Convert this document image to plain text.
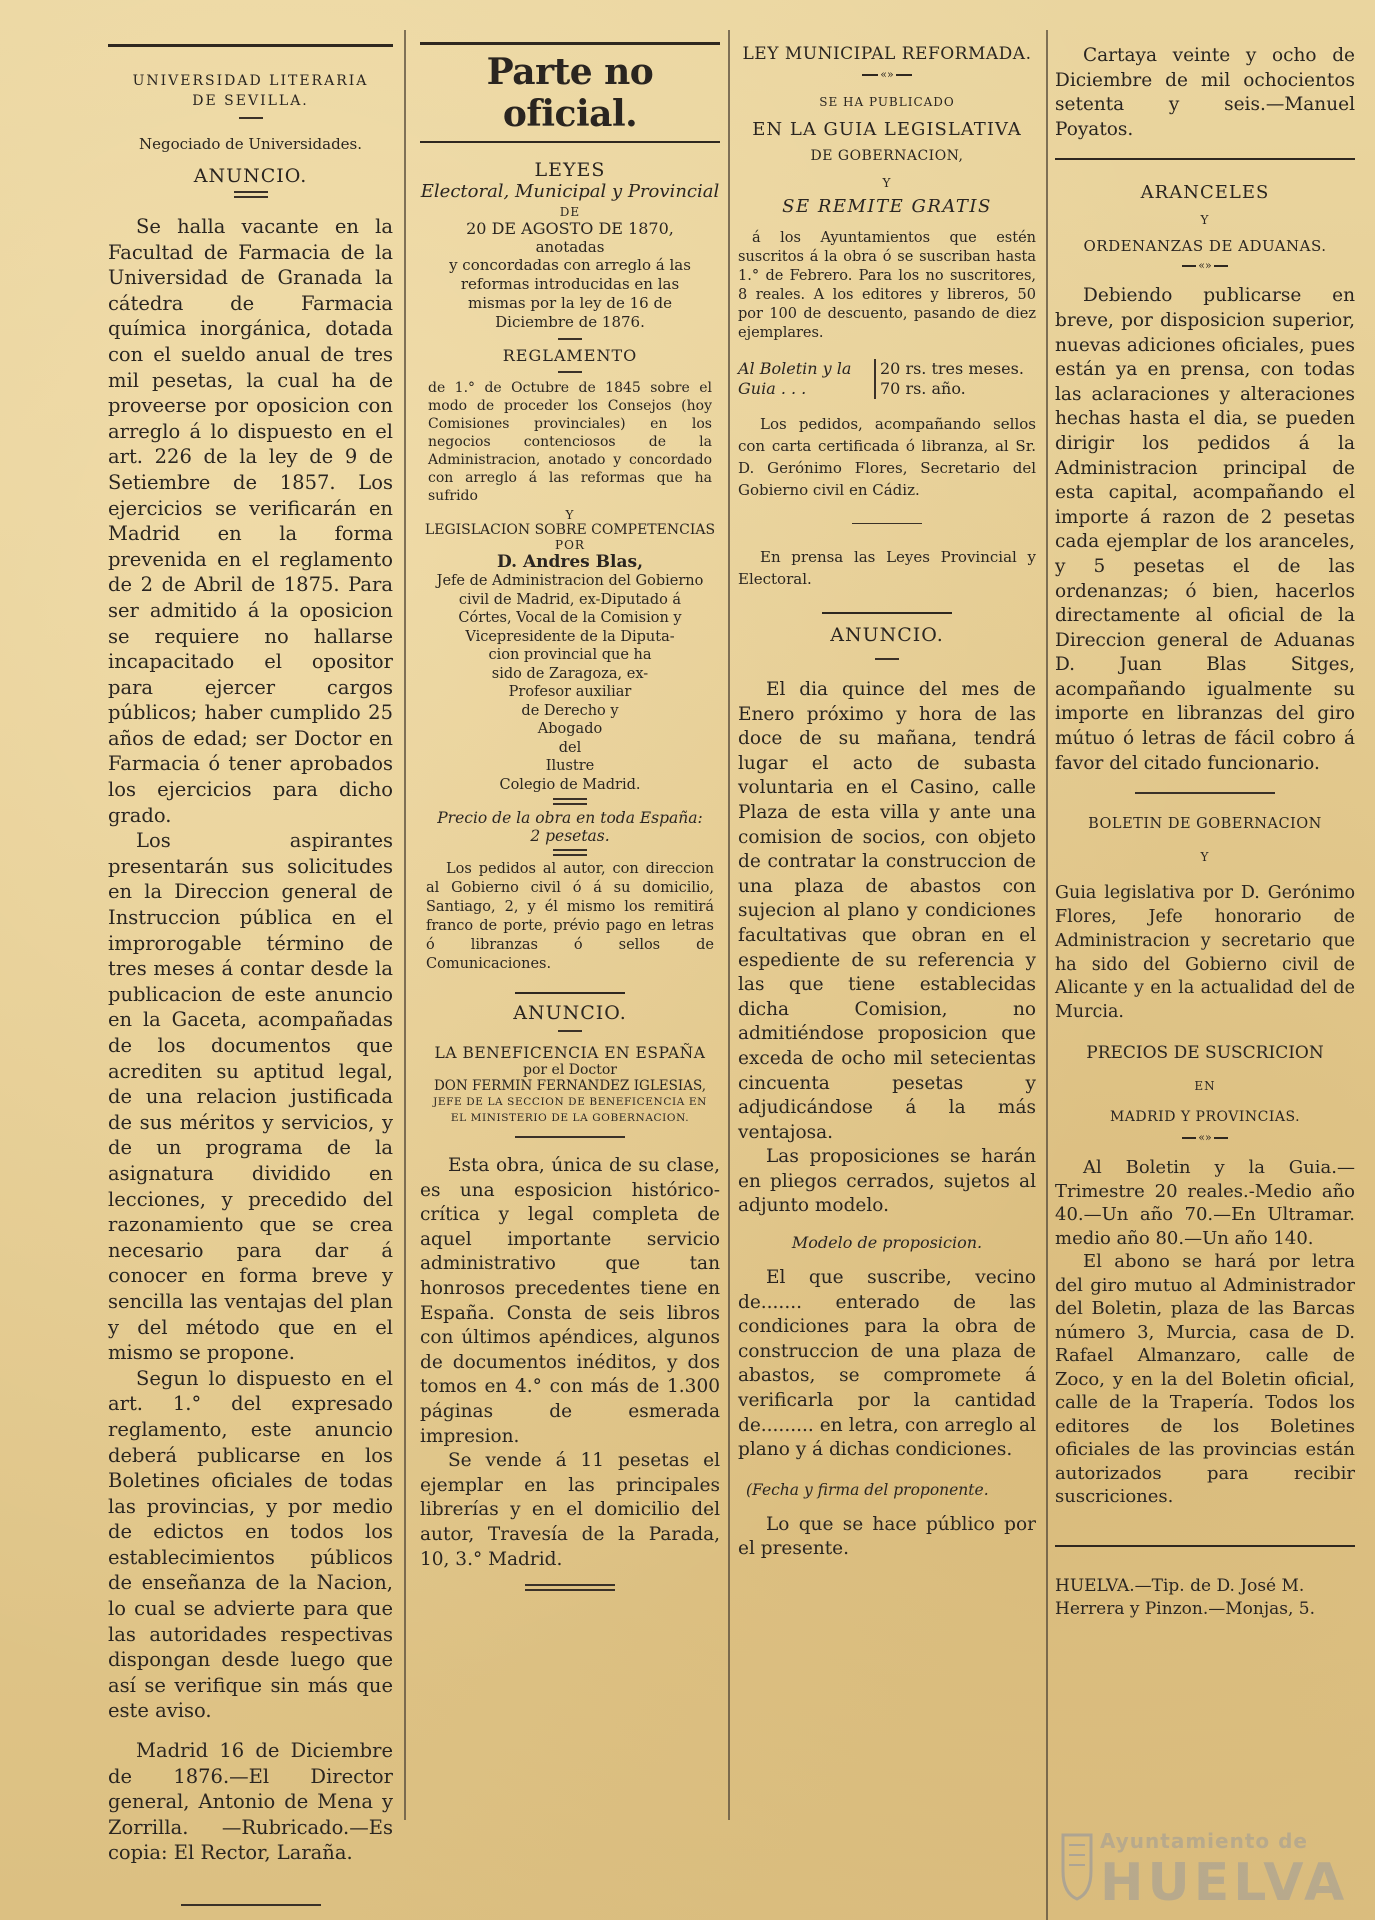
UNIVERSIDAD LITERARIA DE SEVILLA.
Negociado de Universidades.
ANUNCIO.

Se halla vacante en la Facultad de Farmacia de la Universidad de Granada la cátedra de Farmacia química inorgánica, dotada con el sueldo anual de tres mil pesetas, la cual ha de proveerse por oposicion con arreglo á lo dispuesto en el art. 226 de la ley de 9 de Setiembre de 1857. Los ejercicios se verificarán en Madrid en la forma prevenida en el reglamento de 2 de Abril de 1875. Para ser admitido á la oposicion se requiere no hallarse incapacitado el opositor para ejercer cargos públicos; haber cumplido 25 años de edad; ser Doctor en Farmacia ó tener aprobados los ejercicios para dicho grado.

Los aspirantes presentarán sus solicitudes en la Direccion general de Instruccion pública en el improrogable término de tres meses á contar desde la publicacion de este anuncio en la Gaceta, acompañadas de los documentos que acrediten su aptitud legal, de una relacion justificada de sus méritos y servicios, y de un programa de la asignatura dividido en lecciones, y precedido del razonamiento que se crea necesario para dar á conocer en forma breve y sencilla las ventajas del plan y del método que en el mismo se propone.

Segun lo dispuesto en el art. 1.° del expresado reglamento, este anuncio deberá publicarse en los Boletines oficiales de todas las provincias, y por medio de edictos en todos los establecimientos públicos de enseñanza de la Nacion, lo cual se advierte para que las autoridades respectivas dispongan desde luego que así se verifique sin más que este aviso.

Madrid 16 de Diciembre de 1876.—El Director general, Antonio de Mena y Zorrilla. —Rubricado.—Es copia: El Rector, Laraña.

Parte no oficial.
LEYES
Electoral, Municipal y Provincial
DE
20 DE AGOSTO DE 1870,
anotadas
y concordadas con arreglo á las reformas introducidas en las mismas por la ley de 16 de Diciembre de 1876.
REGLAMENTO

de 1.° de Octubre de 1845 sobre el modo de proceder los Consejos (hoy Comisiones provinciales) en los negocios contenciosos de la Administracion, anotado y concordado con arreglo á las reformas que ha sufrido

Y
LEGISLACION SOBRE COMPETENCIAS
POR
D. Andres Blas,
Jefe de Administracion del Gobierno
civil de Madrid, ex-Diputado á
Córtes, Vocal de la Comision y
Vicepresidente de la Diputa-
cion provincial que ha
sido de Zaragoza, ex-
Profesor auxiliar
de Derecho y
Abogado
del
Ilustre
Colegio de Madrid.
Precio de la obra en toda España:
2 pesetas.

Los pedidos al autor, con direccion al Gobierno civil ó á su domicilio, Santiago, 2, y él mismo los remitirá franco de porte, prévio pago en letras ó libranzas ó sellos de Comunicaciones.

ANUNCIO.
LA BENEFICENCIA EN ESPAÑA
por el Doctor
DON FERMIN FERNANDEZ IGLESIAS,
JEFE DE LA SECCION DE BENEFICENCIA EN EL MINISTERIO DE LA GOBERNACION.

Esta obra, única de su clase, es una esposicion histórico-crítica y legal completa de aquel importante servicio administrativo que tan honrosos precedentes tiene en España. Consta de seis libros con últimos apéndices, algunos de documentos inéditos, y dos tomos en 4.° con más de 1.300 páginas de esmerada impresion.

Se vende á 11 pesetas el ejemplar en las principales librerías y en el domicilio del autor, Travesía de la Parada, 10, 3.° Madrid.

LEY MUNICIPAL REFORMADA.
«»
SE HA PUBLICADO
EN LA GUIA LEGISLATIVA
DE GOBERNACION,
Y
SE REMITE GRATIS

á los Ayuntamientos que estén suscritos á la obra ó se suscriban hasta 1.° de Febrero. Para los no suscritores, 8 reales. A los editores y libreros, 50 por 100 de descuento, pasando de diez ejemplares.

Al Boletin y la Guia . . .
20 rs. tres meses.
70 rs. año.

Los pedidos, acompañando sellos con carta certificada ó libranza, al Sr. D. Gerónimo Flores, Secretario del Gobierno civil en Cádiz.

En prensa las Leyes Provincial y Electoral.

ANUNCIO.

El dia quince del mes de Enero próximo y hora de las doce de su mañana, tendrá lugar el acto de subasta voluntaria en el Casino, calle Plaza de esta villa y ante una comision de socios, con objeto de contratar la construccion de una plaza de abastos con sujecion al plano y condiciones facultativas que obran en el espediente de su referencia y las que tiene establecidas dicha Comision, no admitiéndose proposicion que exceda de ocho mil setecientas cincuenta pesetas y adjudicándose á la más ventajosa.

Las proposiciones se harán en pliegos cerrados, sujetos al adjunto modelo.

Modelo de proposicion.

El que suscribe, vecino de....... enterado de las condiciones para la obra de construccion de una plaza de abastos, se compromete á verificarla por la cantidad de......... en letra, con arreglo al plano y á dichas condiciones.

(Fecha y firma del proponente.

Lo que se hace público por el presente.

Cartaya veinte y ocho de Diciembre de mil ochocientos setenta y seis.—Manuel Poyatos.

ARANCELES
Y
ORDENANZAS DE ADUANAS.
«»

Debiendo publicarse en breve, por disposicion superior, nuevas adiciones oficiales, pues están ya en prensa, con todas las aclaraciones y alteraciones hechas hasta el dia, se pueden dirigir los pedidos á la Administracion principal de esta capital, acompañando el importe á razon de 2 pesetas cada ejemplar de los aranceles, y 5 pesetas el de las ordenanzas; ó bien, hacerlos directamente al oficial de la Direccion general de Aduanas D. Juan Blas Sitges, acompañando igualmente su importe en libranzas del giro mútuo ó letras de fácil cobro á favor del citado funcionario.

BOLETIN DE GOBERNACION
Y

Guia legislativa por D. Gerónimo Flores, Jefe honorario de Administracion y secretario que ha sido del Gobierno civil de Alicante y en la actualidad del de Murcia.

PRECIOS DE SUSCRICION
EN
MADRID Y PROVINCIAS.
«»

Al Boletin y la Guia.—Trimestre 20 reales.-Medio año 40.—Un año 70.—En Ultramar. medio año 80.—Un año 140.

El abono se hará por letra del giro mutuo al Administrador del Boletin, plaza de las Barcas número 3, Murcia, casa de D. Rafael Almanzaro, calle de Zoco, y en la del Boletin oficial, calle de la Trapería. Todos los editores de los Boletines oficiales de las provincias están autorizados para recibir suscriciones.

HUELVA.—Tip. de D. José M. Herrera y Pinzon.—Monjas, 5.

Ayuntamiento de
HUELVA
